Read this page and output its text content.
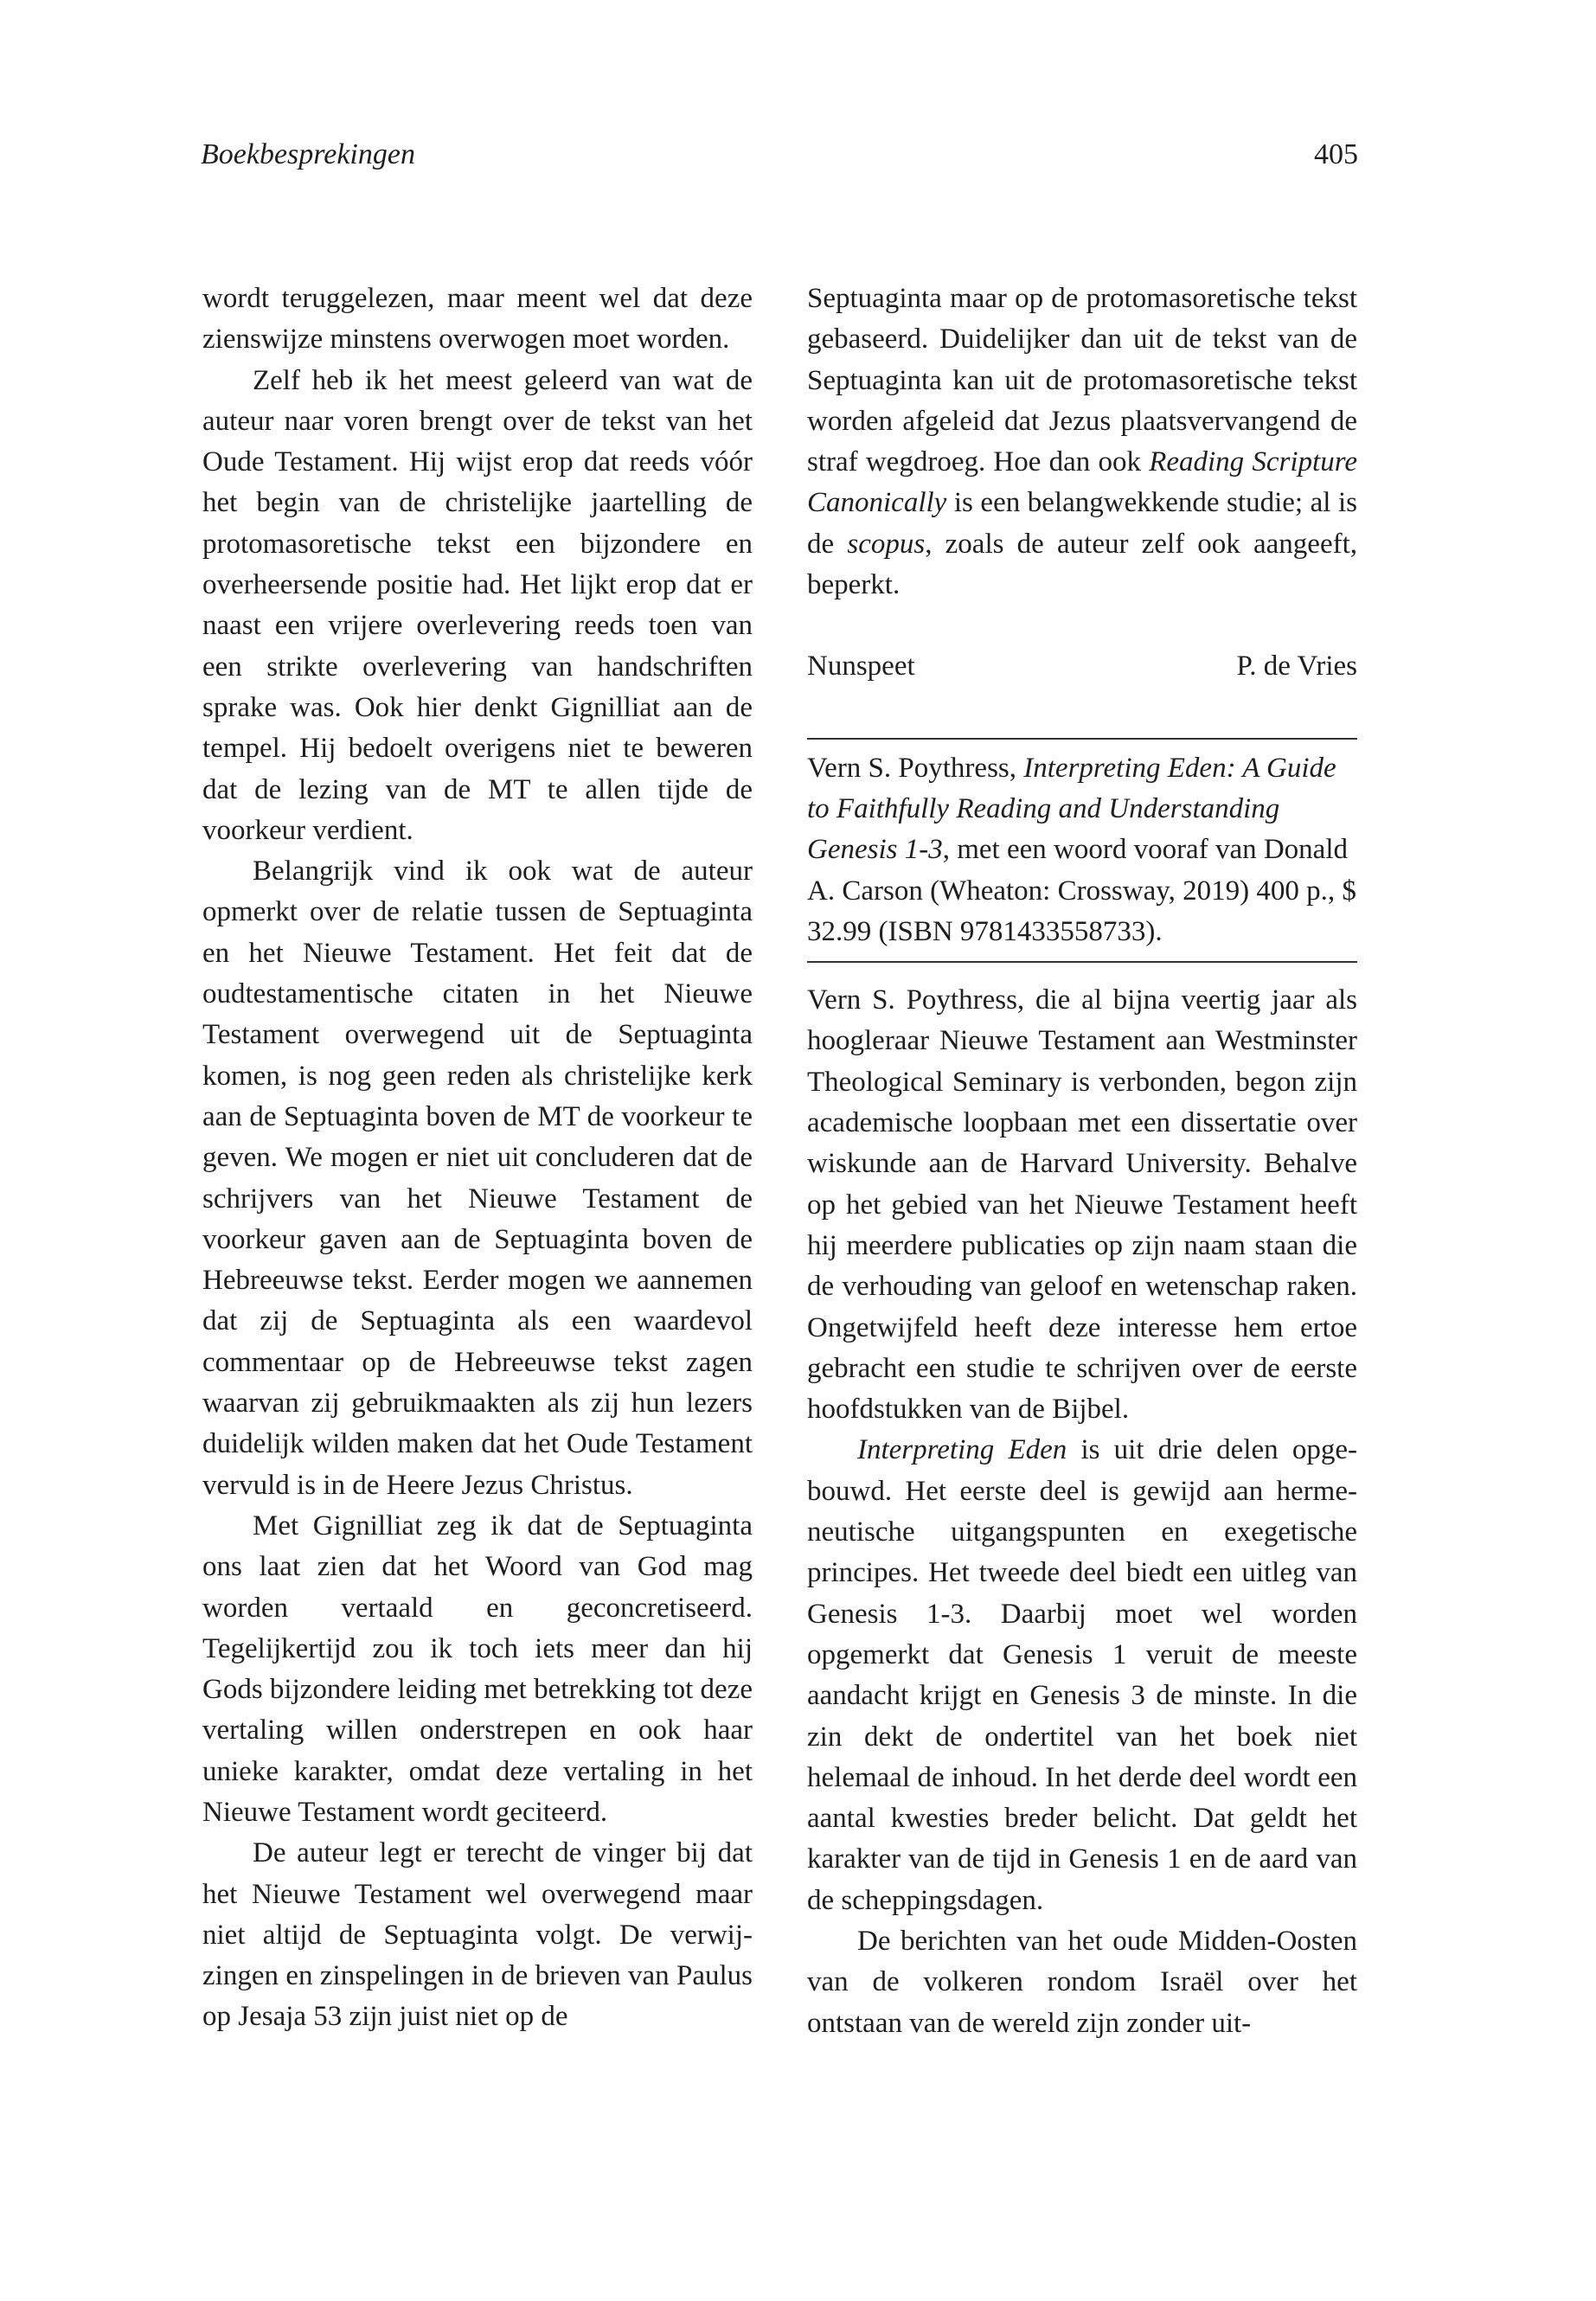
Boekbesprekingen	405

wordt teruggelezen, maar meent wel dat deze zienswijze minstens overwogen moet worden.

Zelf heb ik het meest geleerd van wat de auteur naar voren brengt over de tekst van het Oude Testament. Hij wijst erop dat reeds vóór het begin van de christelijke jaartelling de protomasoretische tekst een bijzondere en overheersende positie had. Het lijkt erop dat er naast een vrijere overlevering reeds toen van een strikte overlevering van handschriften sprake was. Ook hier denkt Gignilliat aan de tempel. Hij bedoelt overigens niet te beweren dat de lezing van de MT te allen tijde de voorkeur verdient.

Belangrijk vind ik ook wat de auteur opmerkt over de relatie tussen de Septuaginta en het Nieuwe Testament. Het feit dat de oudtestamentische citaten in het Nieuwe Testament overwegend uit de Septuaginta komen, is nog geen reden als christelijke kerk aan de Septuaginta boven de MT de voorkeur te geven. We mogen er niet uit concluderen dat de schrijvers van het Nieuwe Testament de voorkeur gaven aan de Septuaginta boven de Hebreeuwse tekst. Eerder mogen we aannemen dat zij de Septuaginta als een waardevol commentaar op de Hebreeuwse tekst zagen waarvan zij gebruikmaakten als zij hun lezers duidelijk wilden maken dat het Oude Testament vervuld is in de Heere Jezus Christus.

Met Gignilliat zeg ik dat de Septuaginta ons laat zien dat het Woord van God mag worden vertaald en geconcretiseerd. Tegelijkertijd zou ik toch iets meer dan hij Gods bijzondere leiding met betrekking tot deze vertaling willen onderstrepen en ook haar unieke karakter, omdat deze vertaling in het Nieuwe Testament wordt geciteerd.

De auteur legt er terecht de vinger bij dat het Nieuwe Testament wel overwegend maar niet altijd de Septuaginta volgt. De verwijzingen en zinspelingen in de brieven van Paulus op Jesaja 53 zijn juist niet op de

Septuaginta maar op de protomasoretische tekst gebaseerd. Duidelijker dan uit de tekst van de Septuaginta kan uit de protomasoretische tekst worden afgeleid dat Jezus plaatsvervangend de straf wegdroeg. Hoe dan ook Reading Scripture Canonically is een belangwekkende studie; al is de scopus, zoals de auteur zelf ook aangeeft, beperkt.

Nunspeet	P. de Vries

Vern S. Poythress, Interpreting Eden: A Guide to Faithfully Reading and Understanding Genesis 1-3, met een woord vooraf van Donald A. Carson (Wheaton: Crossway, 2019) 400 p., $ 32.99 (ISBN 9781433558733).

Vern S. Poythress, die al bijna veertig jaar als hoogleraar Nieuwe Testament aan Westminster Theological Seminary is verbonden, begon zijn academische loopbaan met een dissertatie over wiskunde aan de Harvard University. Behalve op het gebied van het Nieuwe Testament heeft hij meerdere publicaties op zijn naam staan die de verhouding van geloof en wetenschap raken. Ongetwijfeld heeft deze interesse hem ertoe gebracht een studie te schrijven over de eerste hoofdstukken van de Bijbel.

Interpreting Eden is uit drie delen opgebouwd. Het eerste deel is gewijd aan hermeneutische uitgangspunten en exegetische principes. Het tweede deel biedt een uitleg van Genesis 1-3. Daarbij moet wel worden opgemerkt dat Genesis 1 veruit de meeste aandacht krijgt en Genesis 3 de minste. In die zin dekt de ondertitel van het boek niet helemaal de inhoud. In het derde deel wordt een aantal kwesties breder belicht. Dat geldt het karakter van de tijd in Genesis 1 en de aard van de scheppingsdagen.

De berichten van het oude Midden-Oosten van de volkeren rondom Israël over het ontstaan van de wereld zijn zonder uit-
